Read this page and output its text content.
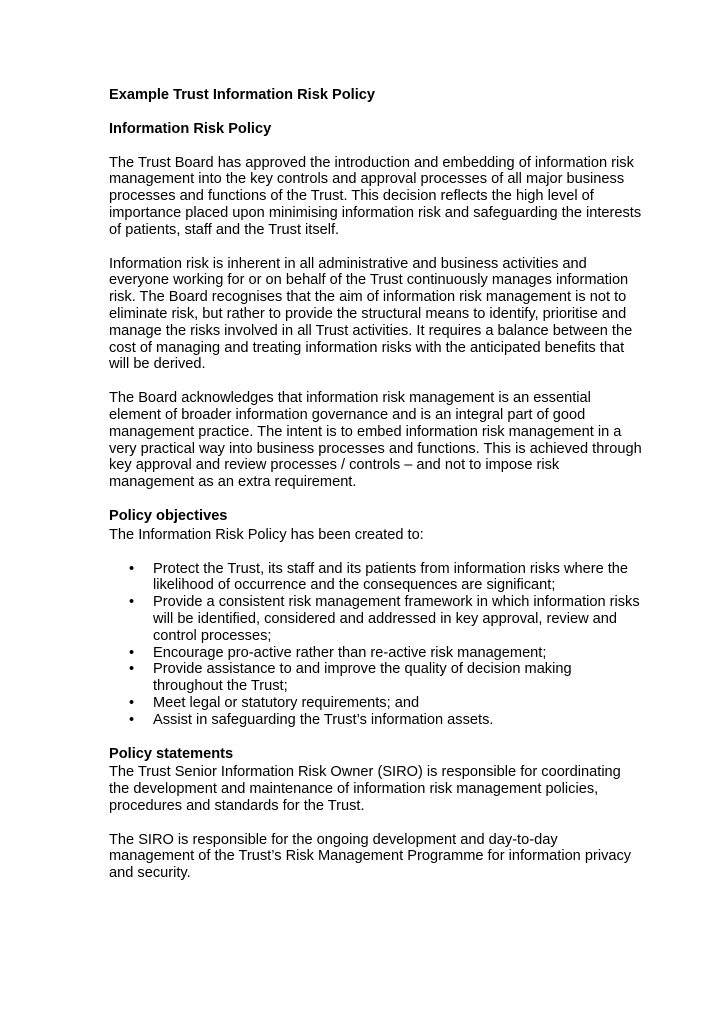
Example Trust Information Risk Policy
Information Risk Policy

The Trust Board has approved the introduction and embedding of information risk management into the key controls and approval processes of all major business processes and functions of the Trust. This decision reflects the high level of importance placed upon minimising information risk and safeguarding the interests of patients, staff and the Trust itself.

Information risk is inherent in all administrative and business activities and everyone working for or on behalf of the Trust continuously manages information risk. The Board recognises that the aim of information risk management is not to eliminate risk, but rather to provide the structural means to identify, prioritise and manage the risks involved in all Trust activities. It requires a balance between the cost of managing and treating information risks with the anticipated benefits that will be derived.

The Board acknowledges that information risk management is an essential element of broader information governance and is an integral part of good management practice. The intent is to embed information risk management in a very practical way into business processes and functions. This is achieved through key approval and review processes / controls – and not to impose risk management as an extra requirement.

Policy objectives

The Information Risk Policy has been created to:

• Protect the Trust, its staff and its patients from information risks where the likelihood of occurrence and the consequences are significant;
• Provide a consistent risk management framework in which information risks will be identified, considered and addressed in key approval, review and control processes;
• Encourage pro-active rather than re-active risk management;
• Provide assistance to and improve the quality of decision making throughout the Trust;
• Meet legal or statutory requirements; and
• Assist in safeguarding the Trust’s information assets.
Policy statements

The Trust Senior Information Risk Owner (SIRO) is responsible for coordinating the development and maintenance of information risk management policies, procedures and standards for the Trust.

The SIRO is responsible for the ongoing development and day-to-day management of the Trust’s Risk Management Programme for information privacy and security.
